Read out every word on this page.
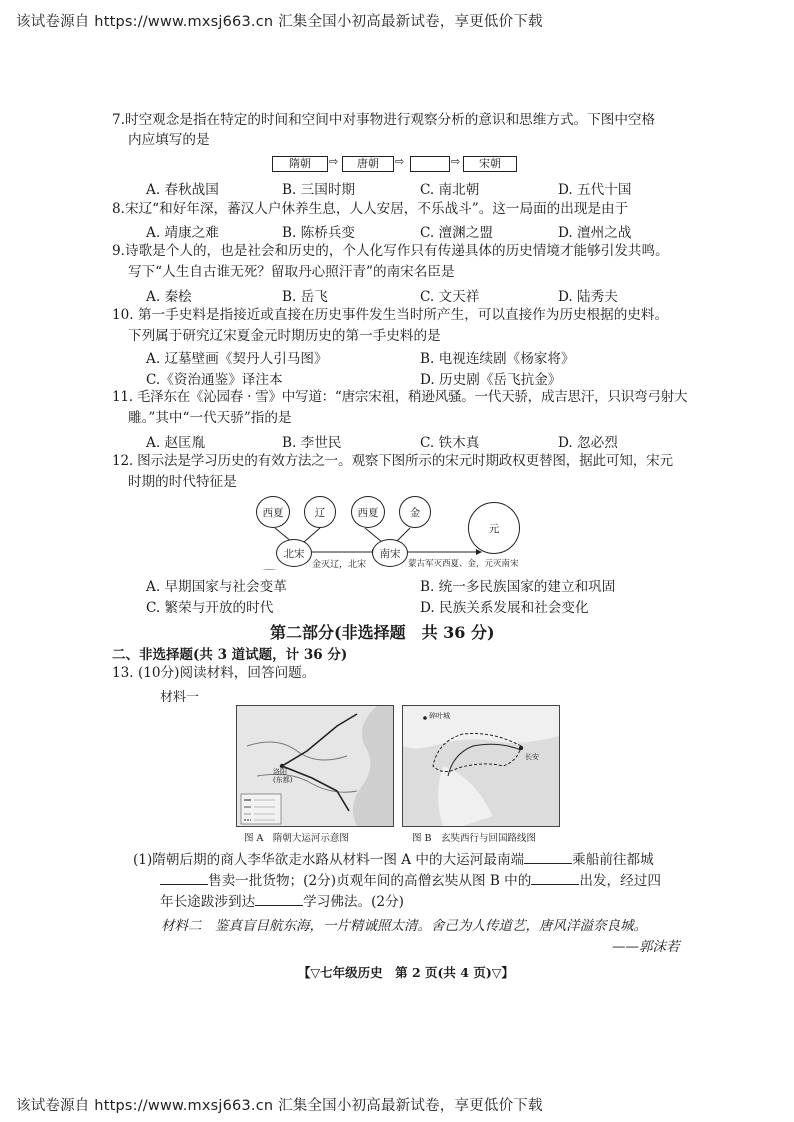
该试卷源自 https://www.mxsj663.cn 汇集全国小初高最新试卷，享更低价下载
7.时空观念是指在特定的时间和空间中对事物进行观察分析的意识和思维方式。下图中空格
内应填写的是
隋朝	⇨	唐朝	⇨	⇨	宋朝
A. 春秋战国	B. 三国时期	C. 南北朝	D. 五代十国
8.宋辽“和好年深，蕃汉人户休养生息，人人安居，不乐战斗”。这一局面的出现是由于
A. 靖康之难	B. 陈桥兵变	C. 澶渊之盟	D. 澶州之战
9.诗歌是个人的，也是社会和历史的，个人化写作只有传递具体的历史情境才能够引发共鸣。
写下“人生自古谁无死？留取丹心照汗青”的南宋名臣是
A. 秦桧	B. 岳飞	C. 文天祥	D. 陆秀夫
10. 第一手史料是指接近或直接在历史事件发生当时所产生，可以直接作为历史根据的史料。
下列属于研究辽宋夏金元时期历史的第一手史料的是
A. 辽墓壁画《契丹人引马图》	B. 电视连续剧《杨家将》
C.《资治通鉴》译注本	D. 历史剧《岳飞抗金》
11. 毛泽东在《沁园春 · 雪》中写道：“唐宗宋祖，稍逊风骚。一代天骄，成吉思汗，只识弯弓射大
雕。”其中“一代天骄”指的是
A. 赵匡胤	B. 李世民	C. 铁木真	D. 忽必烈
12. 图示法是学习历史的有效方法之一。观察下图所示的宋元时期政权更替图，据此可知，宋元
时期的时代特征是
西夏	辽	西夏	金
北宋	南宋
元
金灭辽，北宋	蒙古军灭西夏、金，元灭南宋
A. 早期国家与社会变革	B. 统一多民族国家的建立和巩固
C. 繁荣与开放的时代	D. 民族关系发展和社会变化
第二部分(非选择题　共 36 分)
二、非选择题(共 3 道试题，计 36 分)
13. (10分)阅读材料，回答问题。
材料一
洛阳
(东都)
图 A　隋朝大运河示意图
碎叶城
长安
图 B　玄奘西行与回国路线图
(1)隋朝后期的商人李华欲走水路从材料一图 A 中的大运河最南端	乘船前往都城
售卖一批货物；(2分)贞观年间的高僧玄奘从图 B 中的	出发，经过四
年长途跋涉到达	学习佛法。(2分)
材料二　鉴真盲目航东海，一片精诚照太清。舍己为人传道艺，唐风洋溢奈良城。
——郭沫若
【▽七年级历史　第 2 页(共 4 页)▽】
该试卷源自 https://www.mxsj663.cn 汇集全国小初高最新试卷，享更低价下载
